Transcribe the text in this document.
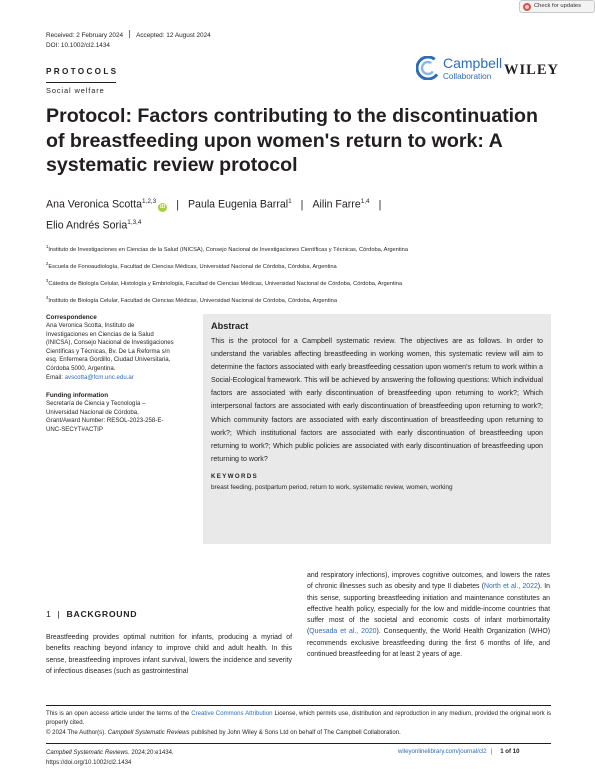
Check for updates
Received: 2 February 2024 Accepted: 12 August 2024
DOI: 10.1002/cl2.1434
PROTOCOLS
Social welfare
Campbell
Collaboration WILEY
Protocol: Factors contributing to the discontinuation of breastfeeding upon women's return to work: A systematic review protocol
Ana Veronica Scotta$^{1,2,3}$iD | Paula Eugenia Barral$^1$ | Ailin Farre$^{1,4}$ |
Elio Andrés Soria$^{1,3,4}$
$^1$Instituto de Investigaciones en Ciencias de la Salud (INICSA), Consejo Nacional de Investigaciones Científicas y Técnicas, Córdoba, Argentina
$^2$Escuela de Fonoaudiología, Facultad de Ciencias Médicas, Universidad Nacional de Córdoba, Córdoba, Argentina
$^3$Cátedra de Biología Celular, Histología y Embriología, Facultad de Ciencias Médicas, Universidad Nacional de Córdoba, Córdoba, Argentina
$^4$Instituto de Biología Celular, Facultad de Ciencias Médicas, Universidad Nacional de Córdoba, Córdoba, Argentina
Correspondence
Ana Veronica Scotta, Instituto de
Investigaciones en Ciencias de la Salud
(INICSA), Consejo Nacional de Investigaciones
Científicas y Técnicas, Bv. De La Reforma s/n
esq. Enfermera Gordillo, Ciudad Universitaria,
Córdoba 5000, Argentina.
Email: avscotta@fcm.unc.edu.ar
Funding information
Secretaría de Ciencia y Tecnología –
Universidad Nacional de Córdoba,
Grant/Award Number: RESOL-2023-258-E-
UNC-SECYT#ACTIP
Abstract
This is the protocol for a Campbell systematic review. The objectives are as follows. In order to understand the variables affecting breastfeeding in working women, this systematic review will aim to determine the factors associated with early breastfeeding cessation upon women's return to work within a Social-Ecological framework. This will be achieved by answering the following questions: Which individual factors are associated with early discontinuation of breastfeeding upon returning to work?; Which interpersonal factors are associated with early discontinuation of breastfeeding upon returning to work?; Which community factors are associated with early discontinuation of breastfeeding upon returning to work?; Which institutional factors are associated with early discontinuation of breastfeeding upon returning to work?; Which public policies are associated with early discontinuation of breastfeeding upon returning to work?
KEYWORDS
breast feeding, postpartum period, return to work, systematic review, women, working
1 | BACKGROUND
Breastfeeding provides optimal nutrition for infants, producing a myriad of benefits reaching beyond infancy to improve child and adult health. In this sense, breastfeeding improves infant survival, lowers the incidence and severity of infectious diseases (such as gastrointestinal
and respiratory infections), improves cognitive outcomes, and lowers the rates of chronic illnesses such as obesity and type II diabetes (North et al., 2022). In this sense, supporting breastfeeding initiation and maintenance constitutes an effective health policy, especially for the low and middle-income countries that suffer most of the societal and economic costs of infant morbimortality (Quesada et al., 2020). Consequently, the World Health Organization (WHO) recommends exclusive breastfeeding during the first 6 months of life, and continued breastfeeding for at least 2 years of age.
This is an open access article under the terms of the Creative Commons Attribution License, which permits use, distribution and reproduction in any medium, provided the original work is properly cited.
© 2024 The Author(s). Campbell Systematic Reviews published by John Wiley & Sons Ltd on behalf of The Campbell Collaboration.
Campbell Systematic Reviews. 2024;20:e1434.
https://doi.org/10.1002/cl2.1434
wileyonlinelibrary.com/journal/cl2 | 1 of 10
